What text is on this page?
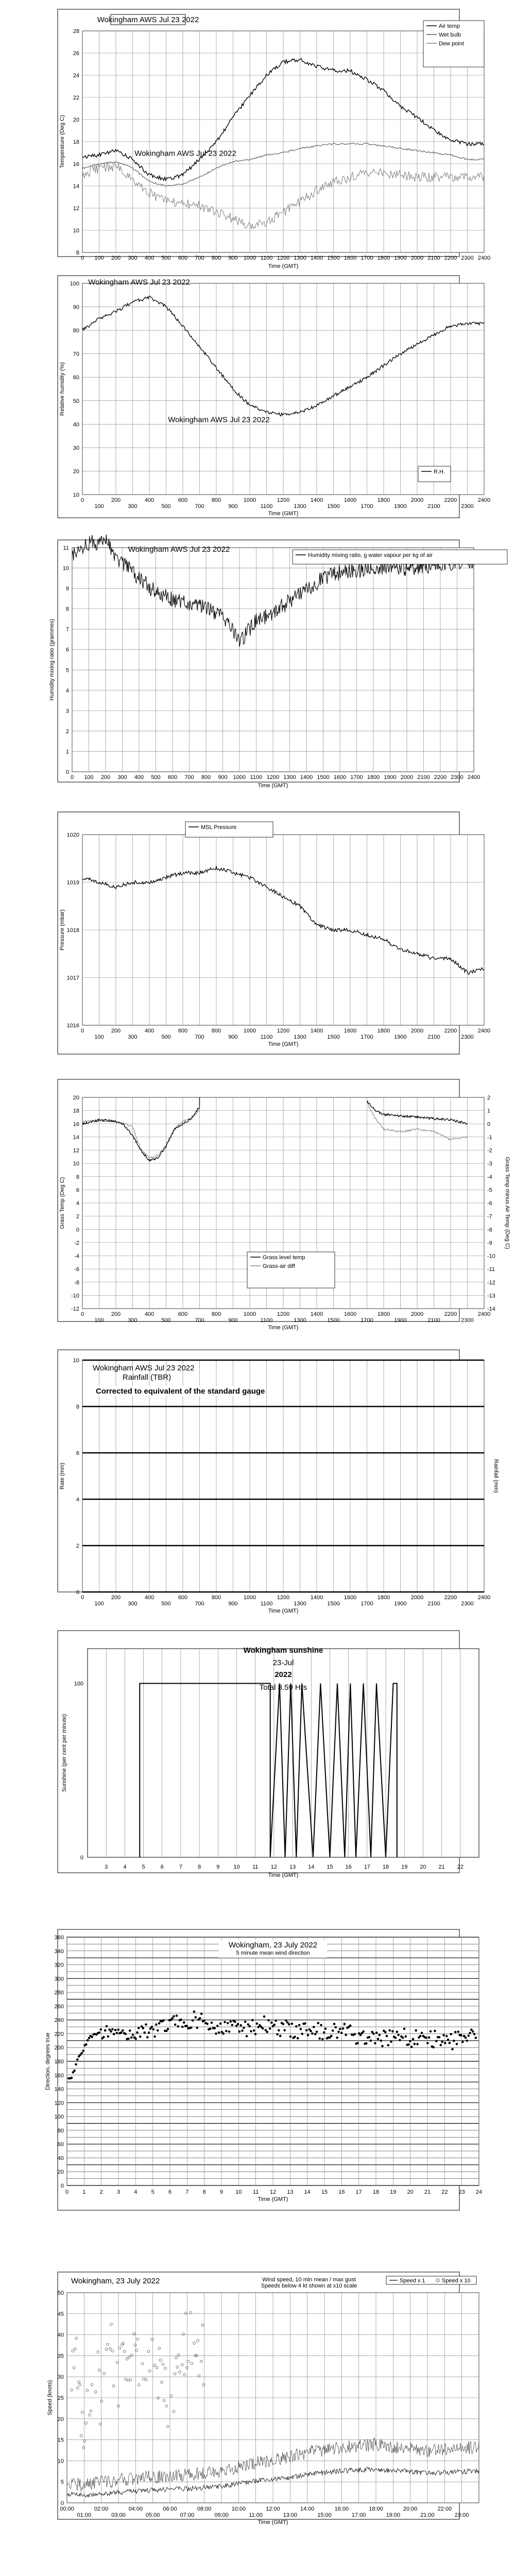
0 100 200 300 400 500 600 700 800 900 1000 1100 1200 1300 1400 1500 1600 1700 1800 1900 2000 2100 2200 2300 2400
8
10
12
14
16
18
20
22
24
26
28
Time (GMT)
Temperature (Deg C)
Wokingham AWS Jul 23 2022
Air temp
Wet bulb
Dew point
0
100
200
300
400
500
600
700
800
900
1000
1100
1200
1300
1400
1500
1600
1700
1800
1900
2000
2100
2200
2300
2400
10
20
30
40
50
60
70
80
90
100
Time (GMT)
Relative humidity (%)
Wokingham AWS Jul 23 2022
R.H.
0 100 200 300 400 500 600 700 800 900 1000 1100 1200 1300 1400 1500 1600 1700 1800 1900 2000 2100 2200 2300 2400
0
1
2
3
4
5
6
7
8
9
10
11
Time (GMT)
Humidity mixing ratio (grammes)
Wokingham AWS Jul 23 2022
Humidity mixing ratio, g water vapour per kg of air
0
100
200
300
400
500
600
700
800
900
1000
1100
1200
1300
1400
1500
1600
1700
1800
1900
2000
2100
2200
2300
2400
1016
1017
1018
1019
1020
Time (GMT)
Pressure (mbar)
Wokingham AWS Jul 23 2022
MSL Pressure
0
100
200
300
400
500
600
700
800
900
1000
1100
1200
1300
1400
1500
1600
1700
1800
1900
2000
2100
2200
2300
2400
-12
-10
-8
-6
-4
-2
0
2
4
6
8
10
12
14
16
18
20
Time (GMT)
Grass Temp (Deg C)
-14
-13
-12
-11
-10
-9
-8
-7
-6
-5
-4
-3
-2
-1
0
1
2
Grass Temp minus Air Temp (Deg C)
Wokingham AWS Jul 23 2022
Grass level temp
Grass-air diff
0
100
200
300
400
500
600
700
800
900
1000
1100
1200
1300
1400
1500
1600
1700
1800
1900
2000
2100
2200
2300
2400
0
2
4
6
8
10
Time (GMT)
Rate (mm)	Rainfall (mm)
Wokingham AWS Jul 23 2022
Rainfall (TBR)
Corrected to equivalent of the standard gauge
3	4	5	6	7	8	9 10 11 12 13 14 15 16 17 18 19 20 21 22
0
100
Time (GMT)
Sunshine (per cent per minute)
Wokingham sunshine
23-Jul
2022
Total 8.59 Hrs
0
20
40
60
80
100
120
140
160
180
200
220
240
260
280
300
320
340
360
0 1 2 3 4 5 6 7 8 9 10 11 12 13 14 15 16 17 18 19 20 21 22 23 24
Time (GMT)
Direction, degrees true
Wokingham, 23 July 2022
5 minute mean wind direction
0
5
10
15
20
25
30
35
40
45
50
00:00	02:00	04:00	06:00	08:00	10:00	12:00	14:00	16:00	18:00	20:00	22:00
01:00	03:00	05:00	07:00	09:00	11:00	13:00	15:00	17:00	19:00	21:00	23:00
Time (GMT)
Speed (knots)
Wokingham, 23 July 2022	Wind speed, 10 min mean / max gust
Speeds below 4 kt shown at x10 scale
Speed x 1	Speed x 10
